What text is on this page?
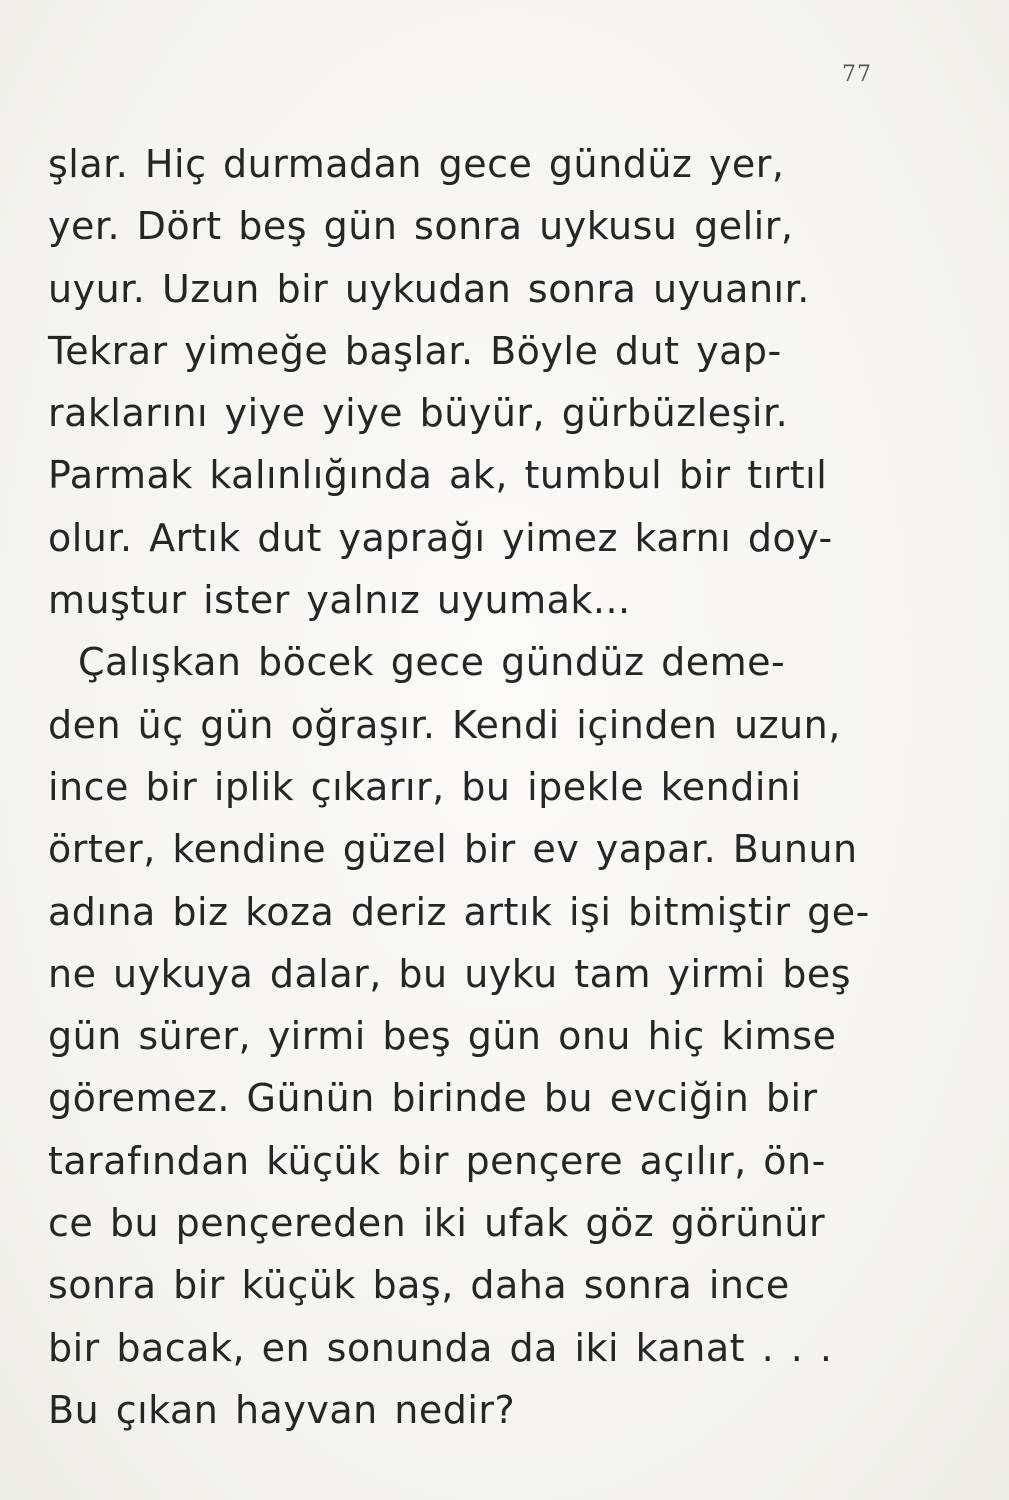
77
şlar. Hiç durmadan gece gündüz yer,
yer. Dört beş gün sonra uykusu gelir,
uyur. Uzun bir uykudan sonra uyuanır.
Tekrar yimeğe başlar. Böyle dut yap-
raklarını yiye yiye büyür, gürbüzleşir.
Parmak kalınlığında ak, tumbul bir tırtıl
olur. Artık dut yaprağı yimez karnı doy-
muştur ister yalnız uyumak...
Çalışkan böcek gece gündüz deme-
den üç gün oğraşır. Kendi içinden uzun,
ince bir iplik çıkarır, bu ipekle kendini
örter, kendine güzel bir ev yapar. Bunun
adına biz koza deriz artık işi bitmiştir ge-
ne uykuya dalar, bu uyku tam yirmi beş
gün sürer, yirmi beş gün onu hiç kimse
göremez. Günün birinde bu evciğin bir
tarafından küçük bir pençere açılır, ön-
ce bu pençereden iki ufak göz görünür
sonra bir küçük baş, daha sonra ince
bir bacak, en sonunda da iki kanat . . .
Bu çıkan hayvan nedir?
